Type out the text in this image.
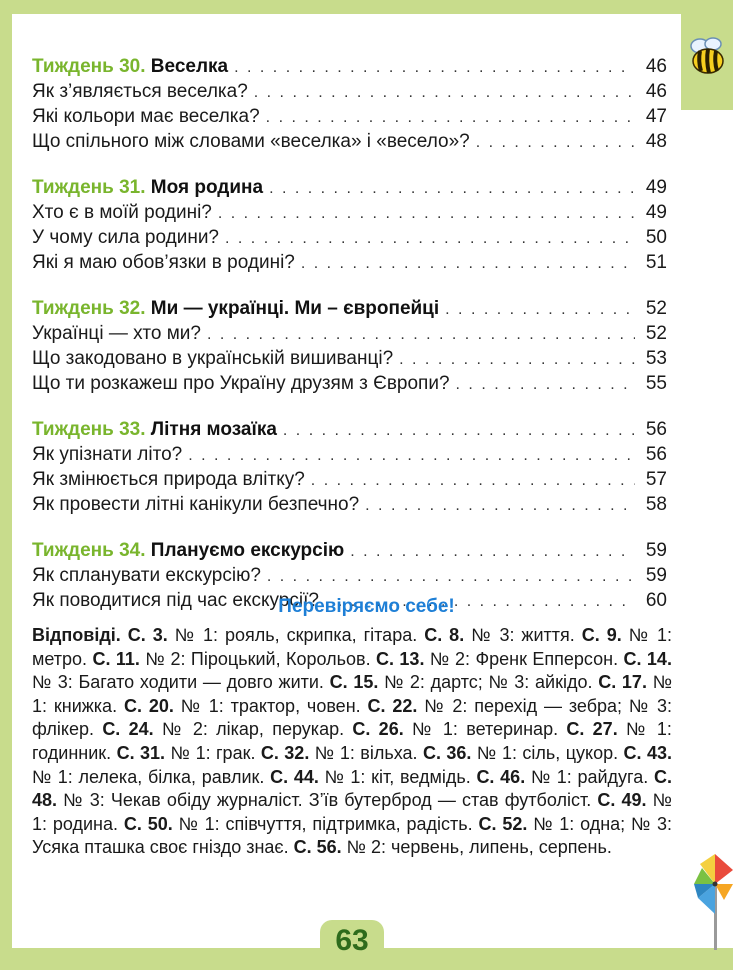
Тиждень 30. Веселка . . .	46
Як з’являється веселка? . . .	46
Які кольори має веселка? . . .	47
Що спільного між словами «веселка» і «весело»? . . .	48
Тиждень 31. Моя родина . . .	49
Хто є в моїй родині? . . .	49
У чому сила родини? . . .	50
Які я маю обов’язки в родині? . . .	51
Тиждень 32. Ми — українці. Ми – європейці . . .	52
Українці — хто ми? . . .	52
Що закодовано в українській вишиванці? . . .	53
Що ти розкажеш про Україну друзям з Європи? . . .	55
Тиждень 33. Літня мозаїка . . .	56
Як упізнати літо? . . .	56
Як змінюється природа влітку? . . .	57
Як провести літні канікули безпечно? . . .	58
Тиждень 34. Плануємо екскурсію . . .	59
Як спланувати екскурсію? . . .	59
Як поводитися під час екскурсії? . . .	60
Перевіряємо себе!
Відповіді. С. 3. № 1: рояль, скрипка, гітара. С. 8. № 3: життя. С. 9. № 1: метро. С. 11. № 2: Піроцький, Корольов. С. 13. № 2: Френк Епперсон. С. 14. № 3: Багато ходити — довго жити. С. 15. № 2: дартс; № 3: айкідо. С. 17. № 1: книжка. С. 20. № 1: трактор, човен. С. 22. № 2: перехід — зебра; № 3: флікер. С. 24. № 2: лікар, перукар. С. 26. № 1: ветеринар. С. 27. № 1: годинник. С. 31. № 1: грак. С. 32. № 1: вільха. С. 36. № 1: сіль, цукор. С. 43. № 1: лелека, білка, равлик. С. 44. № 1: кіт, ведмідь. С. 46. № 1: райдуга. С. 48. № 3: Чекав обіду журналіст. З’їв бутерброд — став футболіст. С. 49. № 1: родина. С. 50. № 1: співчуття, підтримка, радість. С. 52. № 1: одна; № 3: Усяка пташка своє гніздо знає. С. 56. № 2: червень, липень, серпень.
63
